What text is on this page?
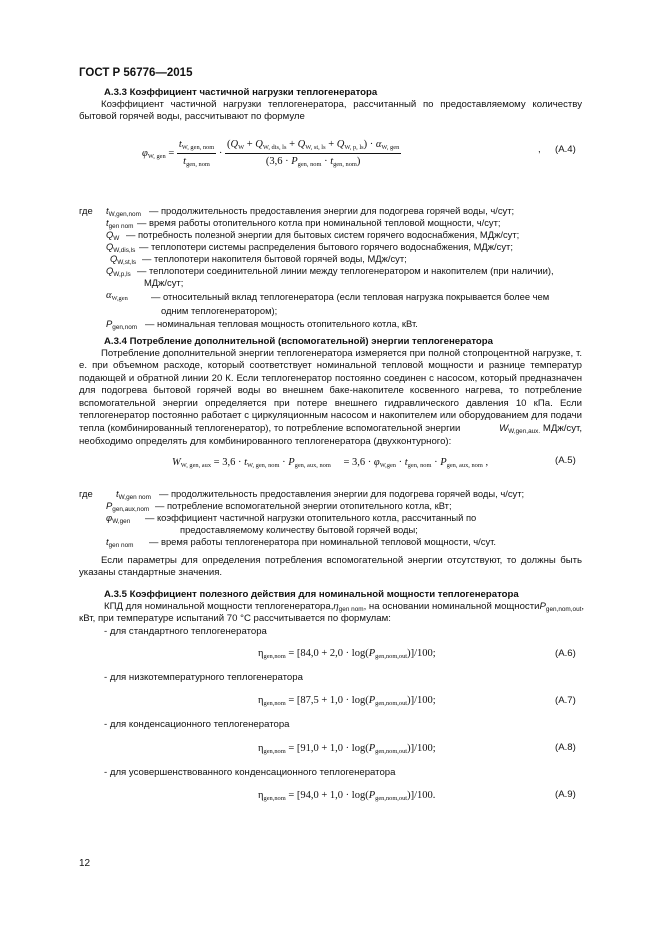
ГОСТ Р 56776—2015
А.3.3 Коэффициент частичной нагрузки теплогенератора
Коэффициент частичной нагрузки теплогенератора, рассчитанный по предоставляемому количеству бытовой горячей воды, рассчитывают по формуле
$\varphi_{W, gen} = \frac{t_{W, gen, nom}}{t_{gen, nom}} \cdot \frac{(Q_W + Q_{W, dis, ls} + Q_{W, st, ls} + Q_{W, p, ls}) \cdot \alpha_{W, gen}}{(3,6 \cdot P_{gen, nom} \cdot t_{gen, nom})}$	, (А.4)
где $t_{W,gen,nom}$ — продолжительность предоставления энергии для подогрева горячей воды, ч/сут;
$t_{gen nom}$ — время работы отопительного котла при номинальной тепловой мощности, ч/сут;
$Q_W$ — потребность полезной энергии для бытовых систем горячего водоснабжения, МДж/сут;
$Q_{W,dis,ls}$ — теплопотери системы распределения бытового горячего водоснабжения, МДж/сут;
$Q_{W,st,ls}$ — теплопотери накопителя бытовой горячей воды, МДж/сут;
$Q_{W,p,ls}$ — теплопотери соединительной линии между теплогенератором и накопителем (при наличии),
МДж/сут;
$\alpha_{W,gen}$ — относительный вклад теплогенератора (если тепловая нагрузка покрывается более чем
одним теплогенератором);
$P_{gen,nom}$ — номинальная тепловая мощность отопительного котла, кВт.
А.3.4 Потребление дополнительной (вспомогательной) энергии теплогенератора
Потребление дополнительной энергии теплогенератора измеряется при полной стопроцентной нагрузке, т.
е. при объемном расходе, который соответствует номинальной тепловой мощности и разнице температур
подающей и обратной линии 20 К. Если теплогенератор постоянно соединен с насосом, который предназначен
для подогрева бытовой горячей воды во внешнем баке-накопителе косвенного нагрева, то потребление
вспомогательной энергии определяется при потере внешнего гидравлического давления 10 кПа. Если
теплогенератор постоянно работает с циркуляционным насосом и накопителем или оборудованием для подачи
тепла (комбинированный теплогенератор), то потребление вспомогательной энергии	$W_{W,gen,aux.}$ МДж/сут,
необходимо определять для комбинированного теплогенератора (двухконтурного):
$W_{W, gen, aux} = 3,6 \cdot t_{W, gen, nom} \cdot P_{gen, aux, nom} = 3,6 \cdot \varphi_{W,gen} \cdot t_{gen, nom} \cdot P_{gen, aux, nom}$ ,	(А.5)
где $t_{W,gen nom}$ — продолжительность предоставления энергии для подогрева горячей воды, ч/сут;
$P_{gen,aux,nom}$ — потребление вспомогательной энергии отопительного котла, кВт;
$\varphi_{W,gen}$ — коэффициент частичной нагрузки отопительного котла, рассчитанный по
предоставляемому количеству бытовой горячей воды;
$t_{gen nom}$ — время работы теплогенератора при номинальной тепловой мощности, ч/сут.
Если параметры для определения потребления вспомогательной энергии отсутствуют, то должны быть указаны стандартные значения.
А.3.5 Коэффициент полезного действия для номинальной мощности теплогенератора
КПД для номинальной мощности теплогенератора, $\eta_{gen nom}$ , на основании номинальной мощности $P_{gen,nom,out}$,
кВт, при температуре испытаний 70 °С рассчитывается по формулам:
- для стандартного теплогенератора
$\eta_{gen,nom} = [84,0 + 2,0 \cdot \log(P_{gen,nom,out})]/100$;	(А.6)
- для низкотемпературного теплогенератора
$\eta_{gen,nom} = [87,5 + 1,0 \cdot \log(P_{gen,nom,out})]/100$;	(А.7)
- для конденсационного теплогенератора
$\eta_{gen,nom} = [91,0 + 1,0 \cdot \log(P_{gen,nom,out})]/100$;	(А.8)
- для усовершенствованного конденсационного теплогенератора
$\eta_{gen,nom} = [94,0 + 1,0 \cdot \log(P_{gen,nom,out})]/100$.	(А.9)
12
